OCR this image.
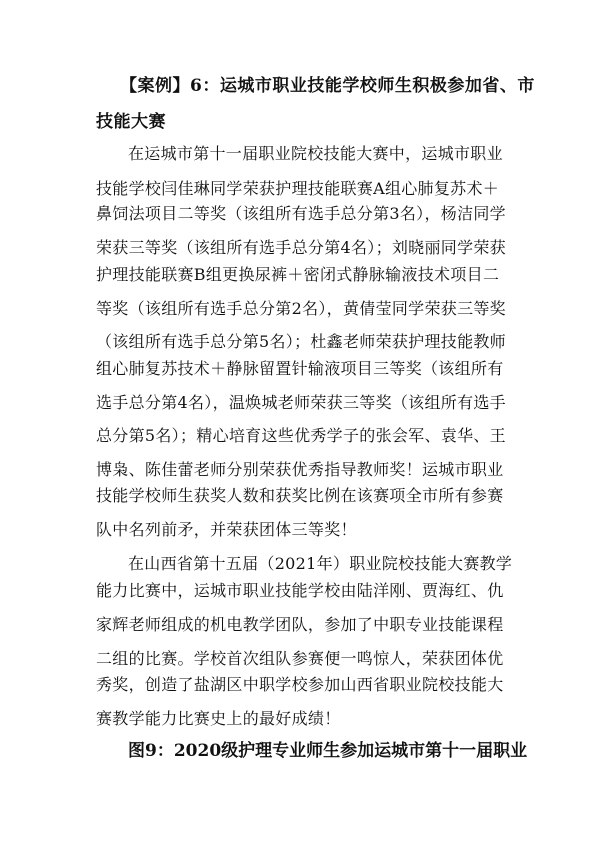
【案例】6：运城市职业技能学校师生积极参加省、市
技能大赛
在运城市第十一届职业院校技能大赛中，运城市职业
技能学校闫佳琳同学荣获护理技能联赛A组心肺复苏术＋
鼻饲法项目二等奖（该组所有选手总分第3名），杨洁同学
荣获三等奖（该组所有选手总分第4名）；刘晓丽同学荣获
护理技能联赛B组更换尿裤＋密闭式静脉输液技术项目二
等奖（该组所有选手总分第2名），黄倩莹同学荣获三等奖
（该组所有选手总分第5名）；杜鑫老师荣获护理技能教师
组心肺复苏技术＋静脉留置针输液项目三等奖（该组所有
选手总分第4名），温焕城老师荣获三等奖（该组所有选手
总分第5名）；精心培育这些优秀学子的张会军、袁华、王
博枭、陈佳蕾老师分别荣获优秀指导教师奖！运城市职业
技能学校师生获奖人数和获奖比例在该赛项全市所有参赛
队中名列前矛，并荣获团体三等奖！
在山西省第十五届（2021年）职业院校技能大赛教学
能力比赛中，运城市职业技能学校由陆洋刚、贾海红、仇
家辉老师组成的机电教学团队，参加了中职专业技能课程
二组的比赛。学校首次组队参赛便一鸣惊人，荣获团体优
秀奖，创造了盐湖区中职学校参加山西省职业院校技能大
赛教学能力比赛史上的最好成绩！
图9：2020级护理专业师生参加运城市第十一届职业
